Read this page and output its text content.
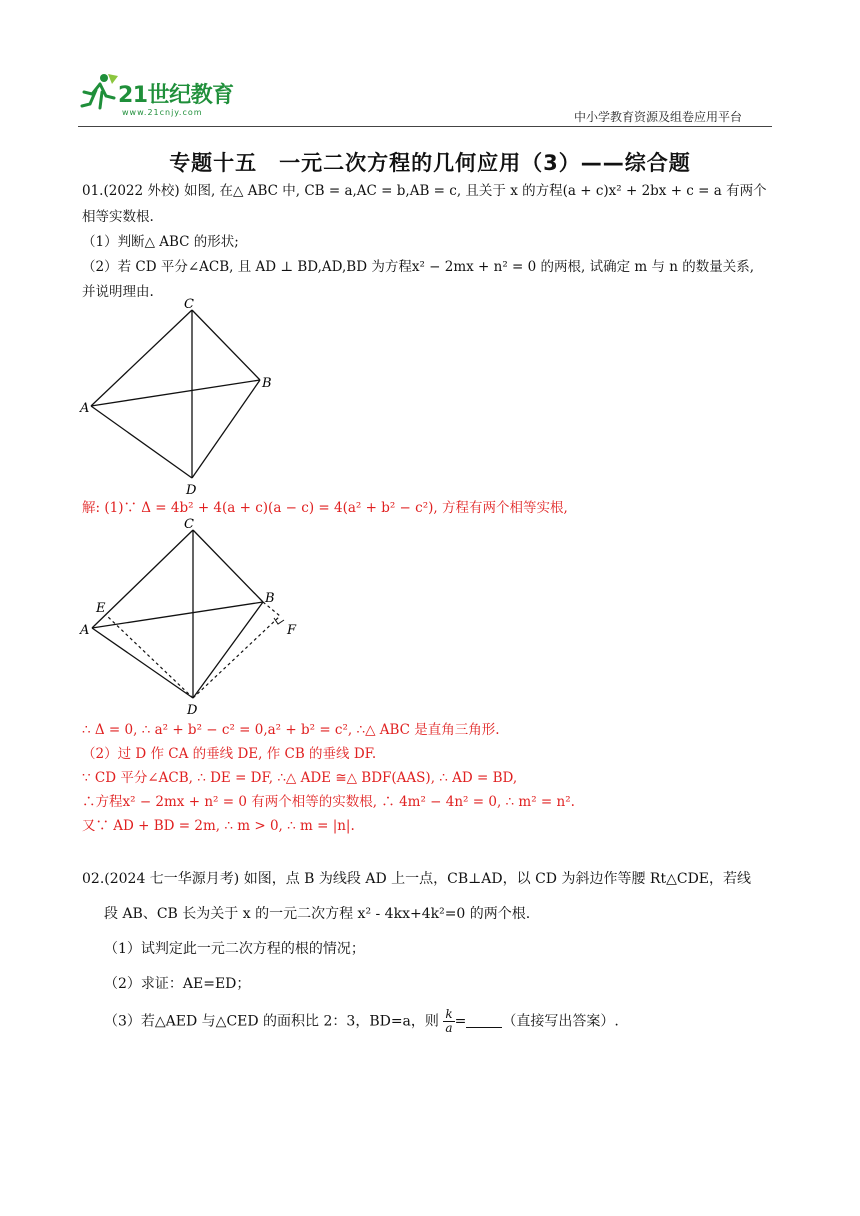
21世纪教育
www.21cnjy.com	中小学教育资源及组卷应用平台
专题十五　一元二次方程的几何应用（3）——综合题
01.(2022 外校) 如图, 在△ ABC 中, CB = a,AC = b,AB = c, 且关于 x 的方程(a + c)x² + 2bx + c = a 有两个
相等实数根.
（1）判断△ ABC 的形状;
（2）若 CD 平分∠ACB, 且 AD ⊥ BD,AD,BD 为方程x² − 2mx + n² = 0 的两根, 试确定 m 与 n 的数量关系,
并说明理由.
C
B
A
D
解: (1)∵ Δ = 4b² + 4(a + c)(a − c) = 4(a² + b² − c²), 方程有两个相等实根,
C
E
B
A	F
D
∴ Δ = 0, ∴ a² + b² − c² = 0,a² + b² = c², ∴△ ABC 是直角三角形.
（2）过 D 作 CA 的垂线 DE, 作 CB 的垂线 DF.
∵ CD 平分∠ACB, ∴ DE = DF, ∴△ ADE ≅△ BDF(AAS), ∴ AD = BD,
∴方程x² − 2mx + n² = 0 有两个相等的实数根, ∴ 4m² − 4n² = 0, ∴ m² = n².
又∵ AD + BD = 2m, ∴ m > 0, ∴ m = |n|.
02.(2024 七一华源月考) 如图，点 B 为线段 AD 上一点，CB⊥AD，以 CD 为斜边作等腰 Rt△CDE，若线
段 AB、CB 长为关于 x 的一元二次方程 x² - 4kx+4k²=0 的两个根.
（1）试判定此一元二次方程的根的情况；
（2）求证：AE=ED；
（3）若△AED 与△CED 的面积比 2：3，BD=a，则 $\frac{k}{a}$ =	（直接写出答案）.
